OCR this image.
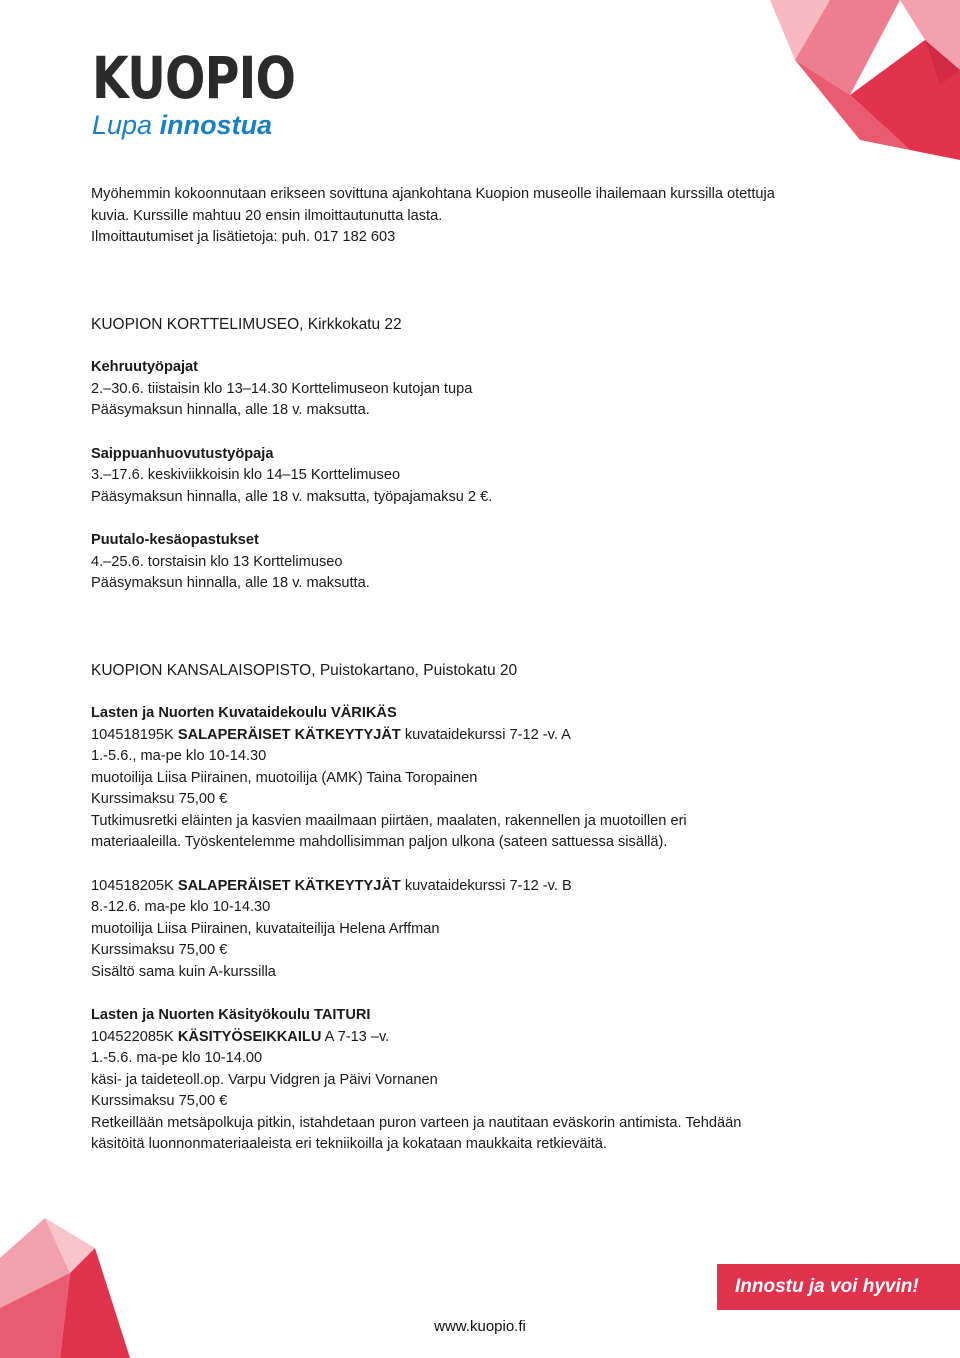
KUOPIO
Lupa innostua

Myöhemmin kokoonnutaan erikseen sovittuna ajankohtana Kuopion museolle ihailemaan kurssilla otettuja

kuvia. Kurssille mahtuu 20 ensin ilmoittautunutta lasta.

Ilmoittautumiset ja lisätietoja: puh. 017 182 603

KUOPION KORTTELIMUSEO, Kirkkokatu 22

Kehruutyöpajat

2.–30.6. tiistaisin klo 13–14.30 Korttelimuseon kutojan tupa

Pääsymaksun hinnalla, alle 18 v. maksutta.

Saippuanhuovutustyöpaja

3.–17.6. keskiviikkoisin klo 14–15 Korttelimuseo

Pääsymaksun hinnalla, alle 18 v. maksutta, työpajamaksu 2 €.

Puutalo-kesäopastukset

4.–25.6. torstaisin klo 13 Korttelimuseo

Pääsymaksun hinnalla, alle 18 v. maksutta.

KUOPION KANSALAISOPISTO, Puistokartano, Puistokatu 20

Lasten ja Nuorten Kuvataidekoulu VÄRIKÄS

104518195K SALAPERÄISET KÄTKEYTYJÄT kuvataidekurssi 7-12 -v. A

1.-5.6., ma-pe klo 10-14.30

muotoilija Liisa Piirainen, muotoilija (AMK) Taina Toropainen

Kurssimaksu 75,00 €

Tutkimusretki eläinten ja kasvien maailmaan piirtäen, maalaten, rakennellen ja muotoillen eri

materiaaleilla. Työskentelemme mahdollisimman paljon ulkona (sateen sattuessa sisällä).

104518205K SALAPERÄISET KÄTKEYTYJÄT kuvataidekurssi 7-12 -v. B

8.-12.6. ma-pe klo 10-14.30

muotoilija Liisa Piirainen, kuvataiteilija Helena Arffman

Kurssimaksu 75,00 €

Sisältö sama kuin A-kurssilla

Lasten ja Nuorten Käsityökoulu TAITURI

104522085K KÄSITYÖSEIKKAILU A 7-13 –v.

1.-5.6. ma-pe klo 10-14.00

käsi- ja taideteoll.op. Varpu Vidgren ja Päivi Vornanen

Kurssimaksu 75,00 €

Retkeillään metsäpolkuja pitkin, istahdetaan puron varteen ja nautitaan eväskorin antimista. Tehdään

käsitöitä luonnonmateriaaleista eri tekniikoilla ja kokataan maukkaita retkieväitä.

Innostu ja voi hyvin!
www.kuopio.fi
